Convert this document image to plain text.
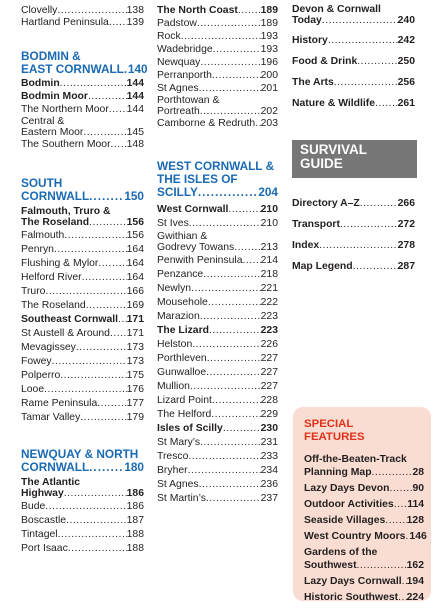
Clovelly .....	138
Hartland Peninsula ..... 139
BODMIN &
EAST CORNWALL ..... 140
Bodmin .....	144
Bodmin Moor .....	144
The Northern Moor ..... 144
Central &
Eastern Moor .....	145
The Southern Moor ..... 148
SOUTH
CORNWALL .....	150
Falmouth, Truro &
The Roseland .....	156
Falmouth .....	156
Penryn .....	164
Flushing & Mylor .....	164
Helford River .....	164
Truro .....	166
The Roseland .....	169
Southeast Cornwall ..... 171
St Austell & Around ..... 171
Mevagissey .....	173
Fowey .....	173
Polperro .....	175
Looe .....	176
Rame Peninsula .....	177
Tamar Valley .....	179
NEWQUAY & NORTH
CORNWALL .....	180
The Atlantic
Highway .....	186
Bude .....	186
Boscastle .....	187
Tintagel .....	188
Port Isaac .....	188
The North Coast ..... 189
Padstow .....	189
Rock .....	193
Wadebridge .....	193
Newquay .....	196
Perranporth .....	200
St Agnes .....	201
Porthtowan &
Portreath .....	202
Camborne & Redruth ..... 203
WEST CORNWALL &
THE ISLES OF
SCILLY .....	204
West Cornwall .....	210
St Ives .....	210
Gwithian &
Godrevy Towans .....	213
Penwith Peninsula ..... 214
Penzance .....	218
Newlyn .....	221
Mousehole .....	222
Marazion .....	223
The Lizard .....	223
Helston .....	226
Porthleven .....	227
Gunwalloe .....	227
Mullion .....	227
Lizard Point .....	228
The Helford .....	229
Isles of Scilly .....	230
St Mary’s .....	231
Tresco .....	233
Bryher .....	234
St Agnes .....	236
St Martin’s .....	237
Devon & Cornwall
Today .....	240
History .....	242
Food & Drink .....	250
The Arts .....	256
Nature & Wildlife ..... 261
Directory A–Z .....	266
Transport .....	272
Index .....	278
Map Legend .....	287
SURVIVAL
GUIDE
SPECIAL
FEATURES
Off-the-Beaten-Track
Planning Map .....	28
Lazy Days Devon ..... 90
Outdoor Activities ..... 114
Seaside Villages ..... 128
West Country Moors ..... 146
Gardens of the
Southwest .....	162
Lazy Days Cornwall ..... 194
Historic Southwest ..... 224
